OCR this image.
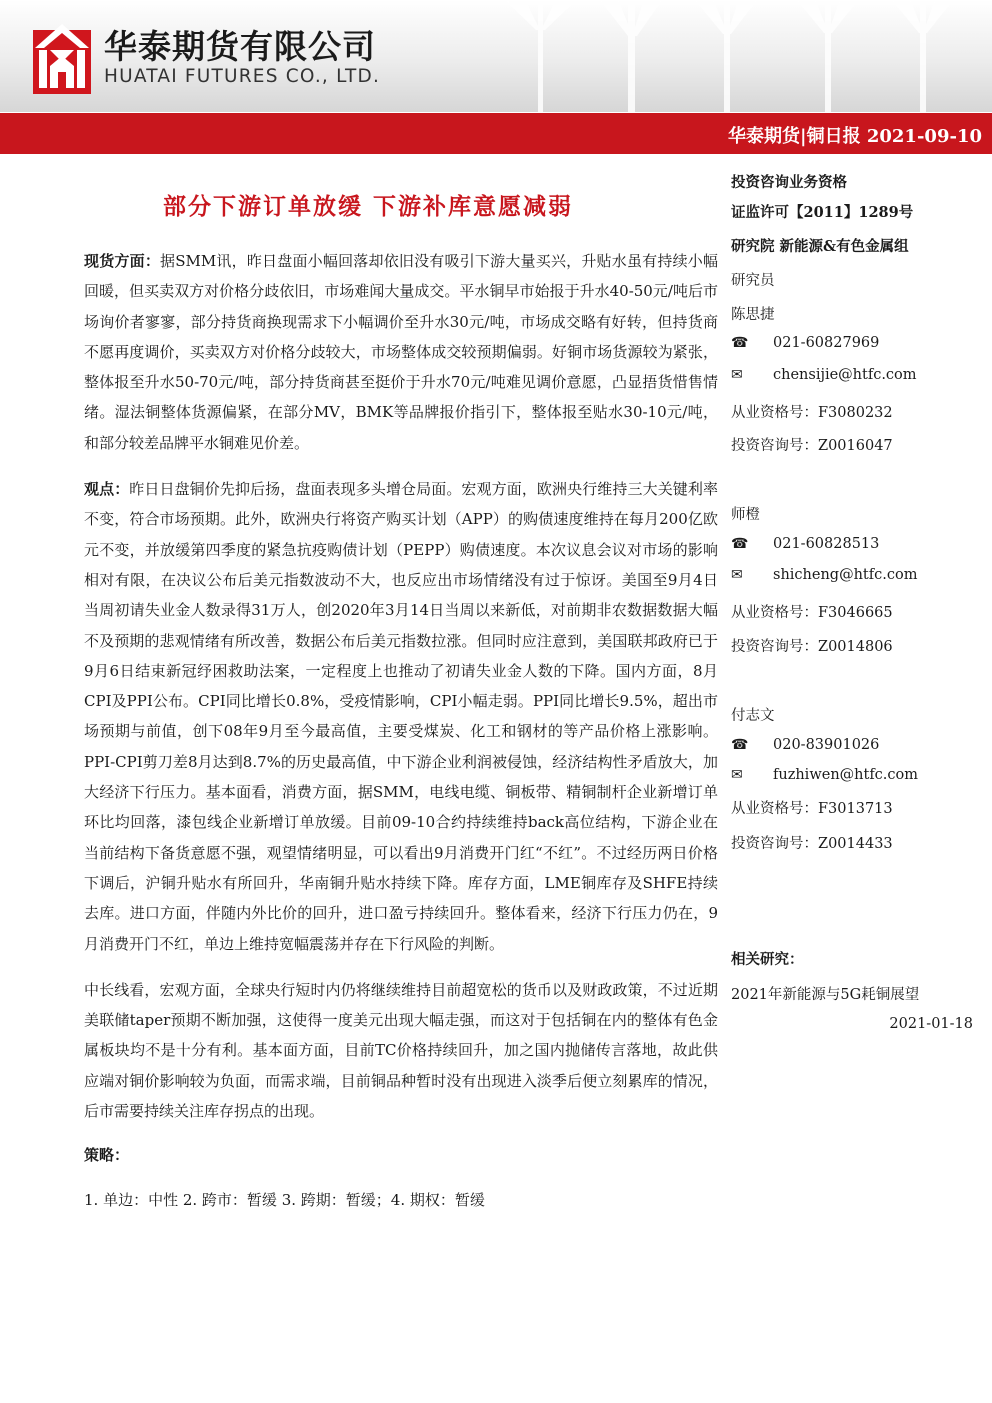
华泰期货有限公司
HUATAI FUTURES CO., LTD.
华泰期货|铜日报 2021-09-10
部分下游订单放缓 下游补库意愿减弱

现货方面：据SMM讯，昨日盘面小幅回落却依旧没有吸引下游大量买兴，升贴水虽有持续小幅回暖，但买卖双方对价格分歧依旧，市场难闻大量成交。平水铜早市始报于升水40-50元/吨后市场询价者寥寥，部分持货商换现需求下小幅调价至升水30元/吨，市场成交略有好转，但持货商不愿再度调价，买卖双方对价格分歧较大，市场整体成交较预期偏弱。好铜市场货源较为紧张，整体报至升水50-70元/吨，部分持货商甚至挺价于升水70元/吨难见调价意愿，凸显捂货惜售情绪。湿法铜整体货源偏紧，在部分MV，BMK等品牌报价指引下，整体报至贴水30-10元/吨，和部分较差品牌平水铜难见价差。

观点：昨日日盘铜价先抑后扬，盘面表现多头增仓局面。宏观方面，欧洲央行维持三大关键利率不变，符合市场预期。此外，欧洲央行将资产购买计划（APP）的购债速度维持在每月200亿欧元不变，并放缓第四季度的紧急抗疫购债计划（PEPP）购债速度。本次议息会议对市场的影响相对有限，在决议公布后美元指数波动不大，也反应出市场情绪没有过于惊讶。美国至9月4日当周初请失业金人数录得31万人，创2020年3月14日当周以来新低，对前期非农数据数据大幅不及预期的悲观情绪有所改善，数据公布后美元指数拉涨。但同时应注意到，美国联邦政府已于9月6日结束新冠纾困救助法案，一定程度上也推动了初请失业金人数的下降。国内方面，8月CPI及PPI公布。CPI同比增长0.8%，受疫情影响，CPI小幅走弱。PPI同比增长9.5%，超出市场预期与前值，创下08年9月至今最高值，主要受煤炭、化工和钢材的等产品价格上涨影响。PPI-CPI剪刀差8月达到8.7%的历史最高值，中下游企业利润被侵蚀，经济结构性矛盾放大，加大经济下行压力。基本面看，消费方面，据SMM，电线电缆、铜板带、精铜制杆企业新增订单环比均回落，漆包线企业新增订单放缓。目前09-10合约持续维持back高位结构，下游企业在当前结构下备货意愿不强，观望情绪明显，可以看出9月消费开门红“不红”。不过经历两日价格下调后，沪铜升贴水有所回升，华南铜升贴水持续下降。库存方面，LME铜库存及SHFE持续去库。进口方面，伴随内外比价的回升，进口盈亏持续回升。整体看来，经济下行压力仍在，9月消费开门不红，单边上维持宽幅震荡并存在下行风险的判断。

中长线看，宏观方面，全球央行短时内仍将继续维持目前超宽松的货币以及财政政策，不过近期美联储taper预期不断加强，这使得一度美元出现大幅走强，而这对于包括铜在内的整体有色金属板块均不是十分有利。基本面方面，目前TC价格持续回升，加之国内抛储传言落地，故此供应端对铜价影响较为负面，而需求端，目前铜品种暂时没有出现进入淡季后便立刻累库的情况，后市需要持续关注库存拐点的出现。

策略：
1. 单边：中性 2. 跨市：暂缓 3. 跨期：暂缓；4. 期权：暂缓
投资咨询业务资格
证监许可【2011】1289号
研究院 新能源&有色金属组
研究员
陈思捷
☎ 021-60827969
✉ chensijie@htfc.com
从业资格号：F3080232
投资咨询号：Z0016047
师橙
☎ 021-60828513
✉ shicheng@htfc.com
从业资格号：F3046665
投资咨询号：Z0014806
付志文
☎ 020-83901026
✉ fuzhiwen@htfc.com
从业资格号：F3013713
投资咨询号：Z0014433
相关研究：
2021年新能源与5G耗铜展望
2021-01-18
